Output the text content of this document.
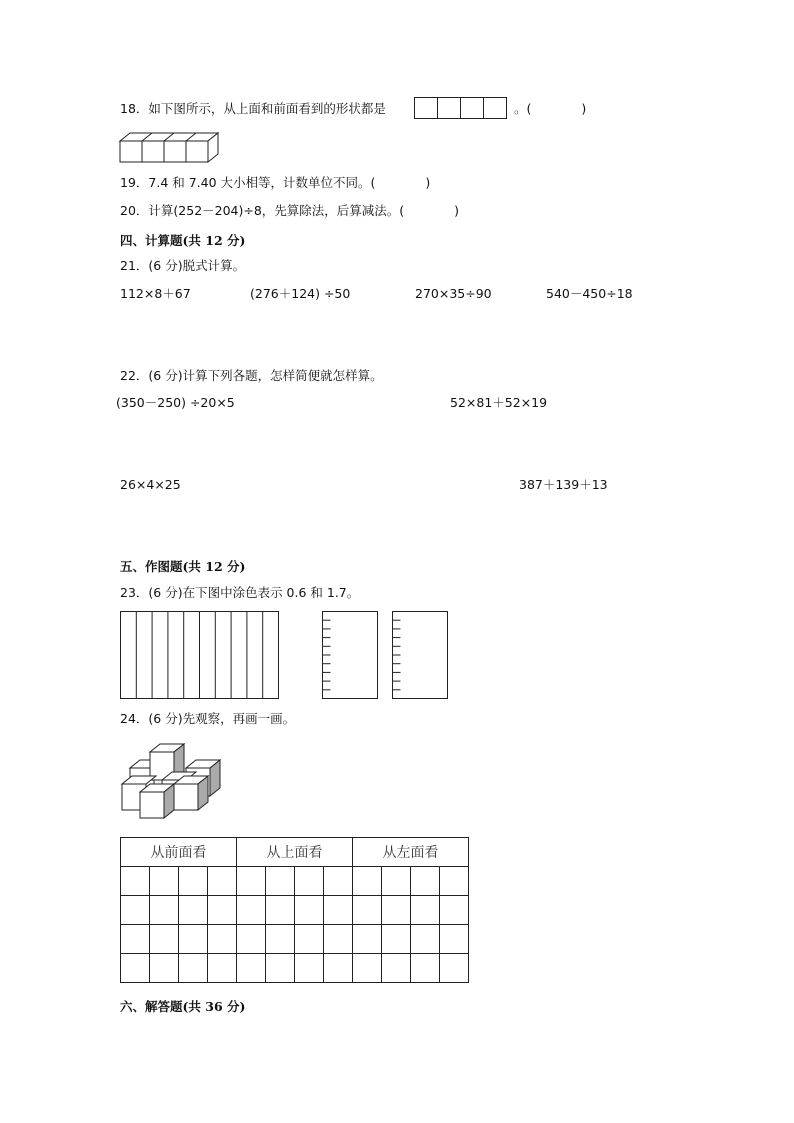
18．如下图所示，从上面和前面看到的形状都是	。(　　　　)
19．7.4 和 7.40 大小相等，计数单位不同。(　　　　)
20．计算(252－204)÷8，先算除法，后算减法。(　　　　)
四、计算题(共 12 分)
21．(6 分)脱式计算。
112×8＋67	(276＋124) ÷50	270×35÷90	540－450÷18
22．(6 分)计算下列各题，怎样简便就怎样算。
(350－250) ÷20×5	52×81＋52×19
26×4×25	387＋139＋13
五、作图题(共 12 分)
23．(6 分)在下图中涂色表示 0.6 和 1.7。
24．(6 分)先观察，再画一画。
从前面看				从上面看				从左面看			

六、解答题(共 36 分)
